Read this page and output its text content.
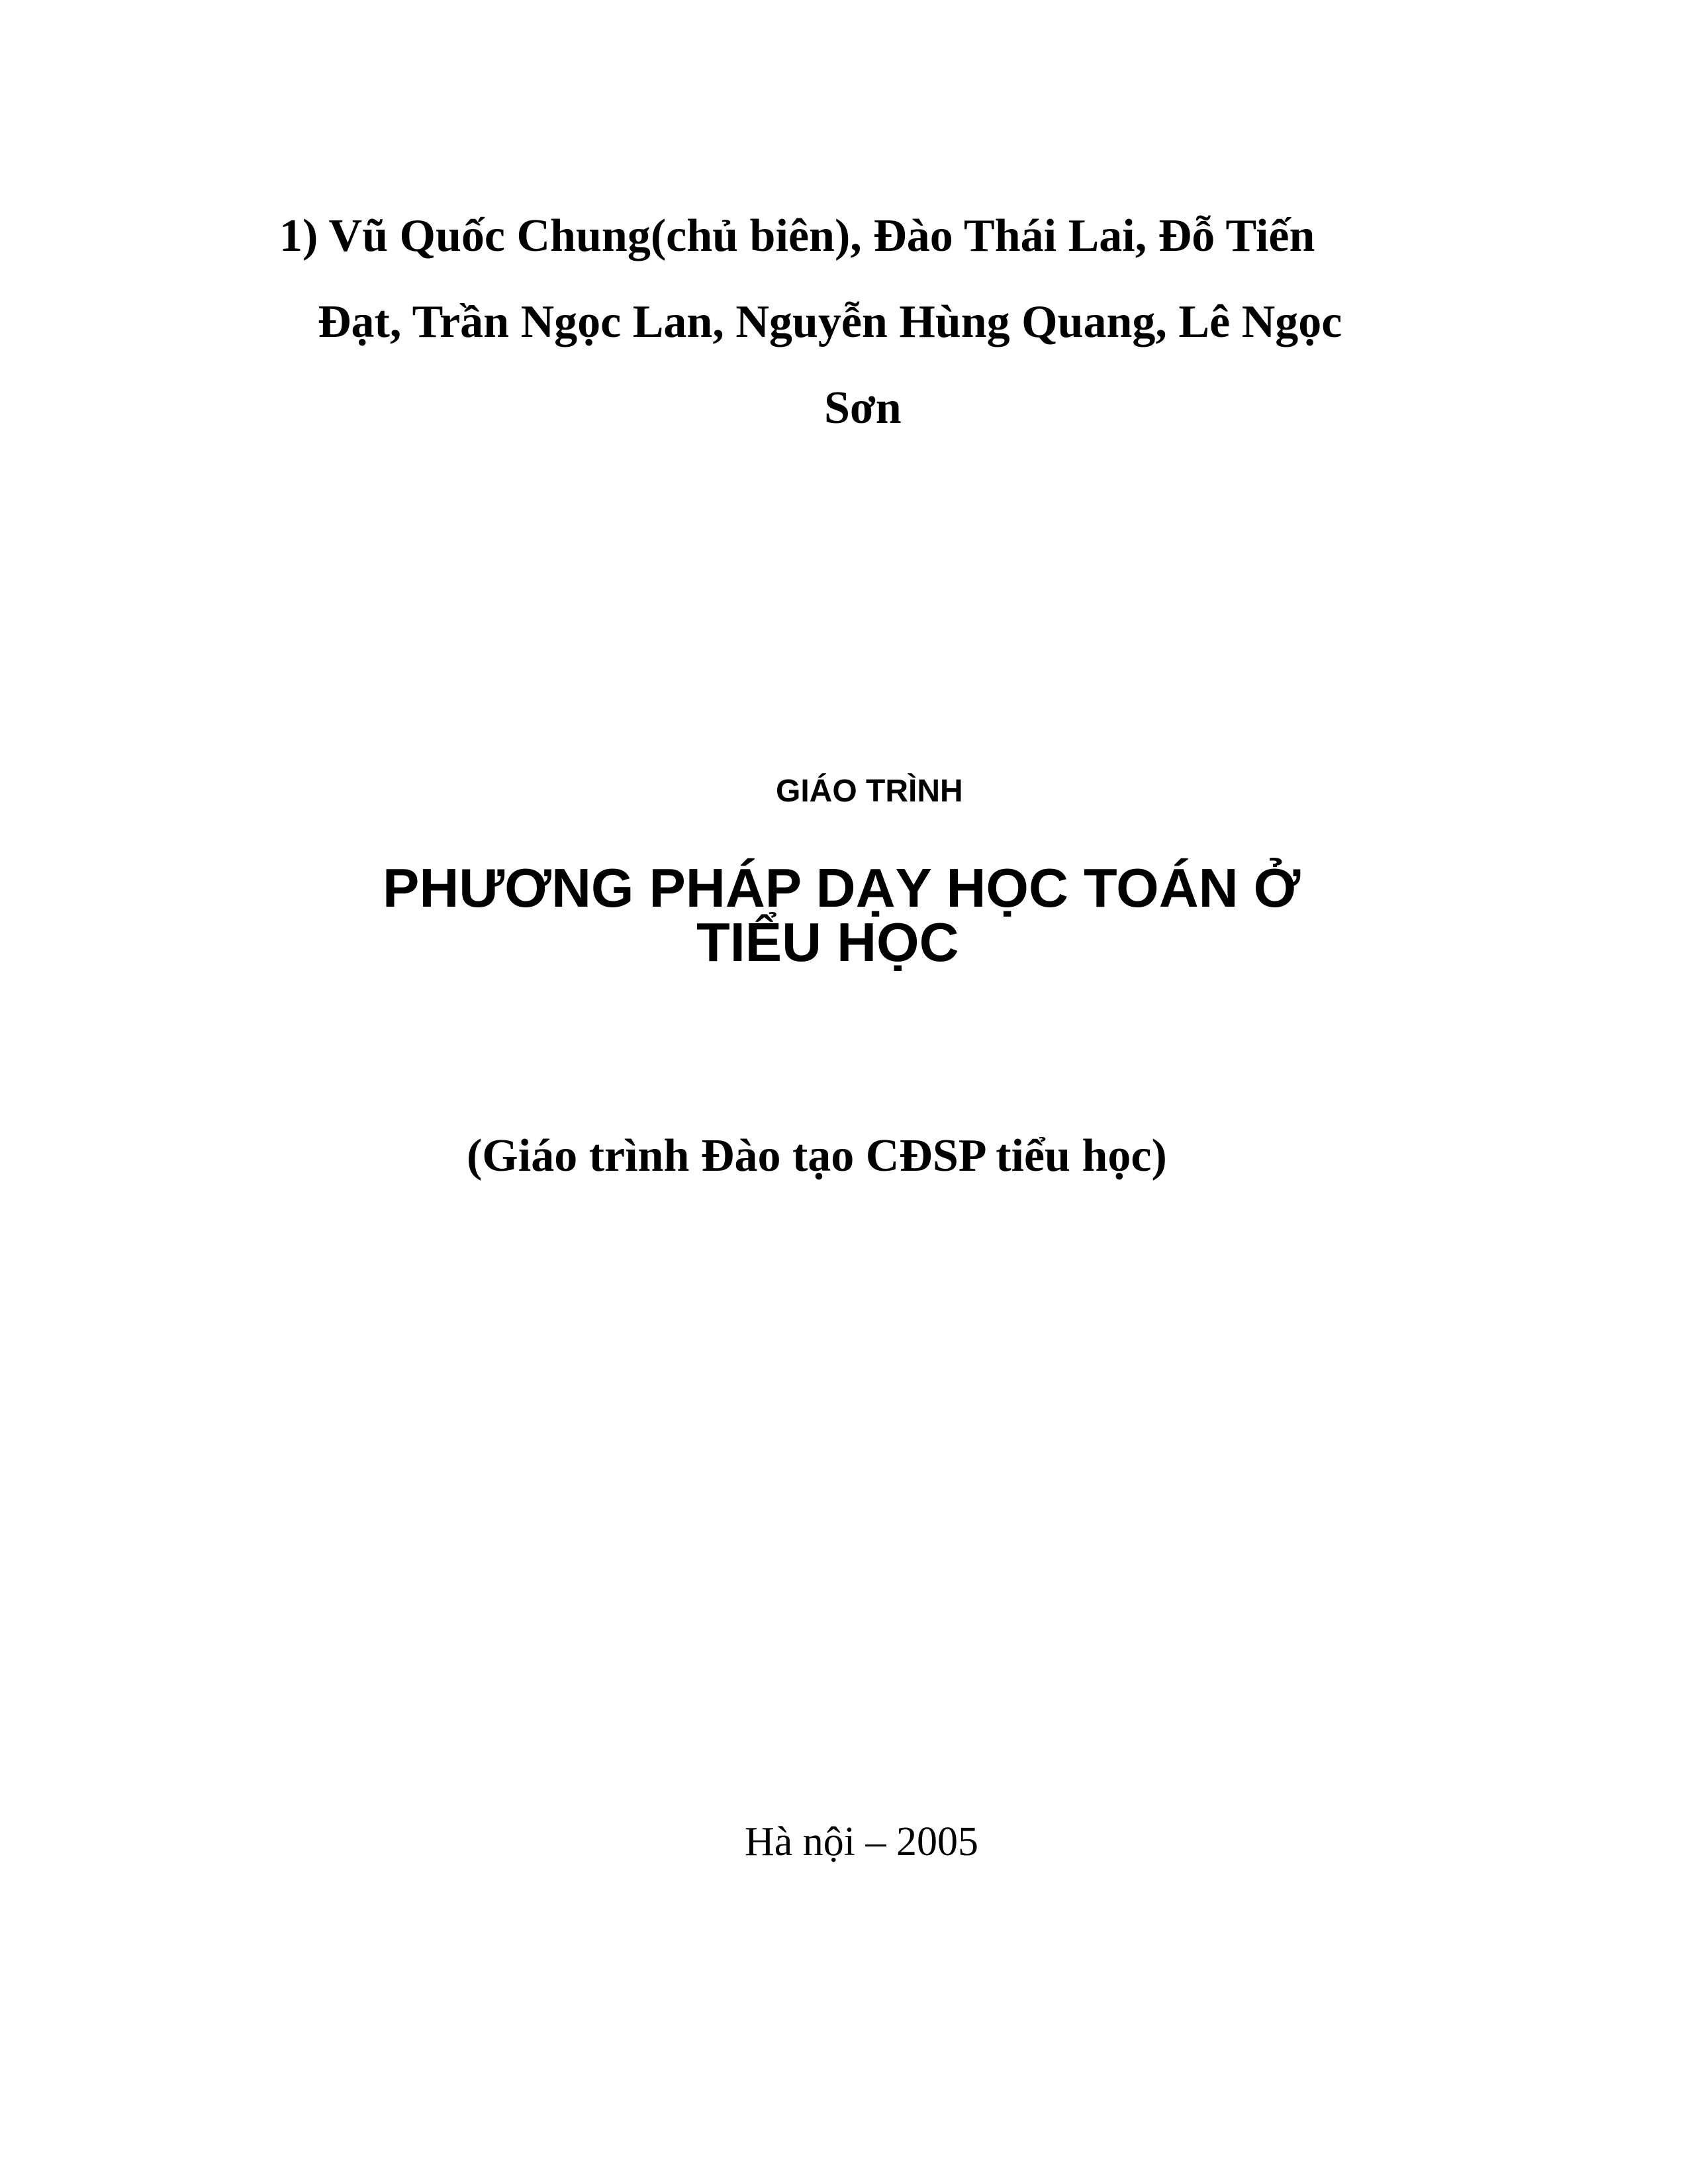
1) Vũ Quốc Chung(chủ biên), Đào Thái Lai, Đỗ Tiến
Đạt, Trần Ngọc Lan, Nguyễn Hùng Quang, Lê Ngọc
Sơn
GIÁO TRÌNH
PHƯƠNG PHÁP DẠY HỌC TOÁN Ở
TIỂU HỌC
(Giáo trình Đào tạo CĐSP tiểu học)
Hà nội – 2005
